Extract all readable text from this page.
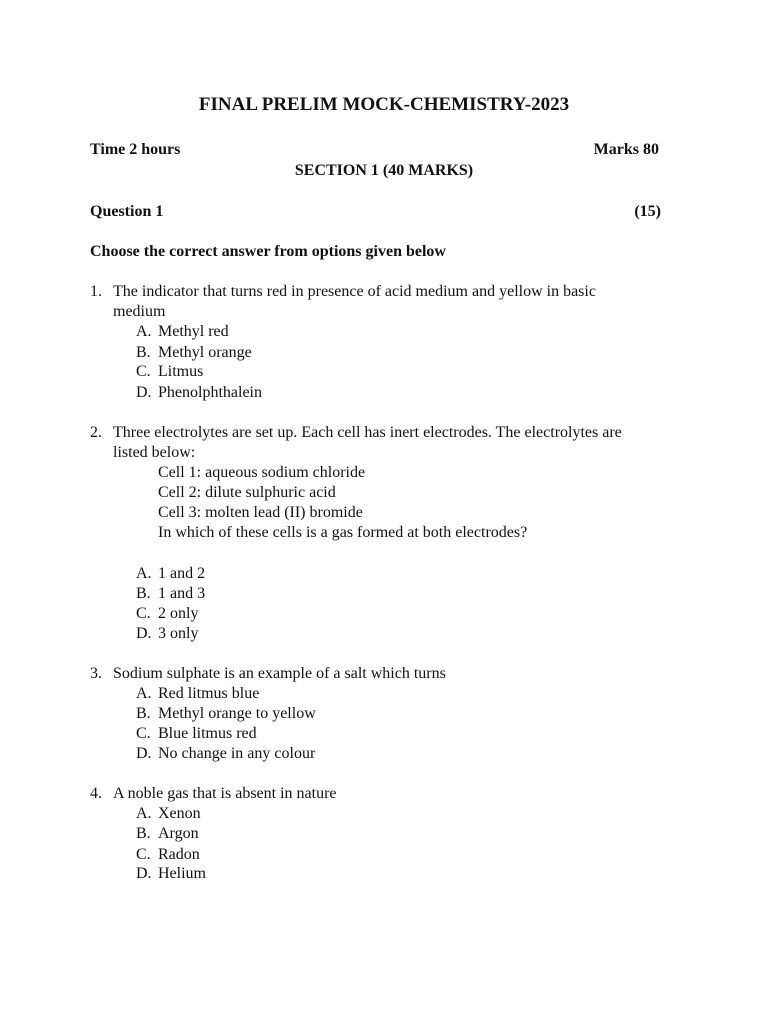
FINAL PRELIM MOCK-CHEMISTRY-2023
Time 2 hours	Marks 80
SECTION 1 (40 MARKS)
Question 1	(15)
Choose the correct answer from options given below
1. The indicator that turns red in presence of acid medium and yellow in basic
medium
A. Methyl red
B. Methyl orange
C. Litmus
D. Phenolphthalein
2. Three electrolytes are set up. Each cell has inert electrodes. The electrolytes are
listed below:
Cell 1: aqueous sodium chloride
Cell 2: dilute sulphuric acid
Cell 3: molten lead (II) bromide
In which of these cells is a gas formed at both electrodes?
A. 1 and 2
B. 1 and 3
C. 2 only
D. 3 only
3. Sodium sulphate is an example of a salt which turns
A. Red litmus blue
B. Methyl orange to yellow
C. Blue litmus red
D. No change in any colour
4. A noble gas that is absent in nature
A. Xenon
B. Argon
C. Radon
D. Helium
